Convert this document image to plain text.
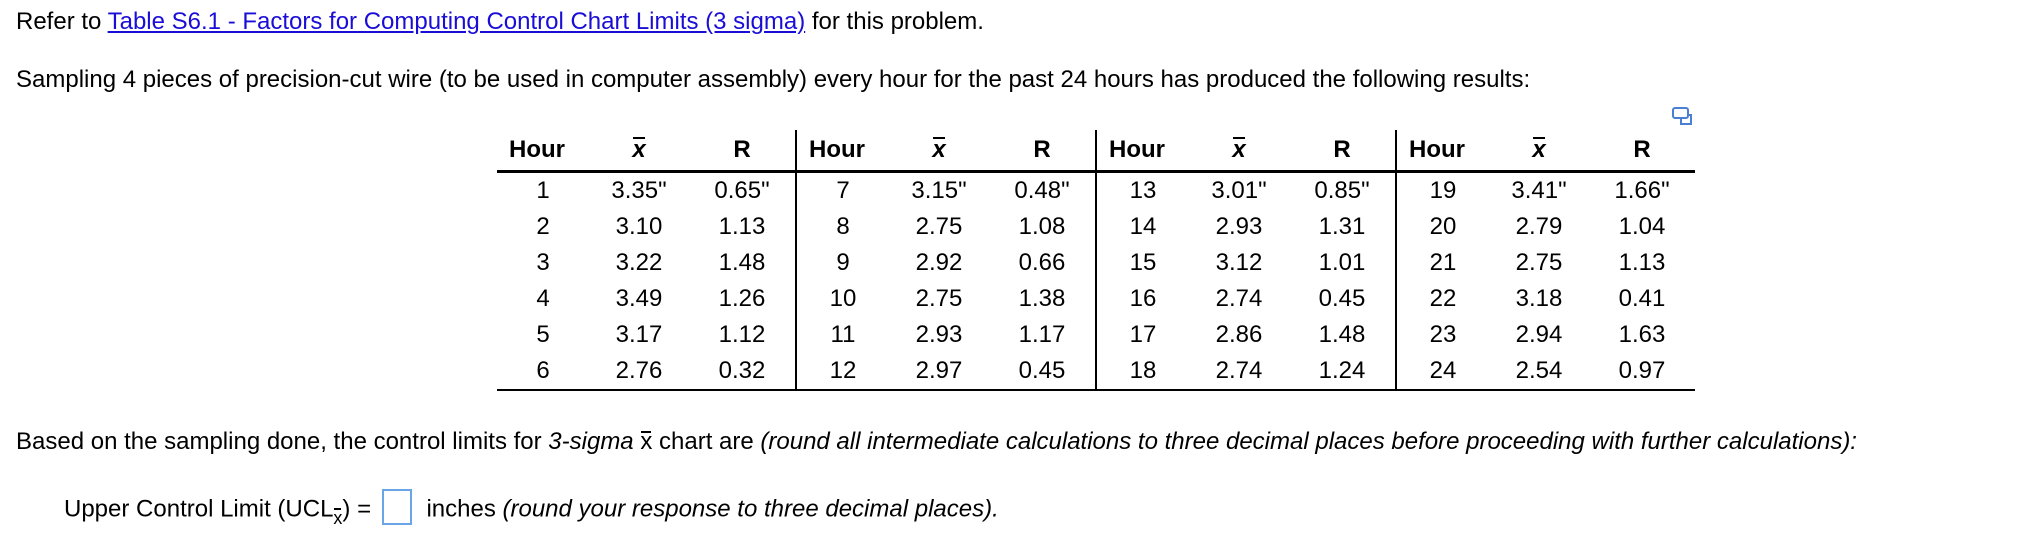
Refer to Table S6.1 - Factors for Computing Control Chart Limits (3 sigma) for this problem.
Sampling 4 pieces of precision-cut wire (to be used in computer assembly) every hour for the past 24 hours has produced the following results:
Hour	x	R	Hour	x	R	Hour	x	R	Hour	x	R
1	3.35"	0.65"	7	3.15"	0.48"	13	3.01"	0.85"	19	3.41"	1.66"
2	3.10	1.13	8	2.75	1.08	14	2.93	1.31	20	2.79	1.04
3	3.22	1.48	9	2.92	0.66	15	3.12	1.01	21	2.75	1.13
4	3.49	1.26	10	2.75	1.38	16	2.74	0.45	22	3.18	0.41
5	3.17	1.12	11	2.93	1.17	17	2.86	1.48	23	2.94	1.63
6	2.76	0.32	12	2.97	0.45	18	2.74	1.24	24	2.54	0.97
Based on the sampling done, the control limits for 3-sigma x chart are (round all intermediate calculations to three decimal places before proceeding with further calculations):
Upper Control Limit $(UCL_x)$ = inches (round your response to three decimal places).
